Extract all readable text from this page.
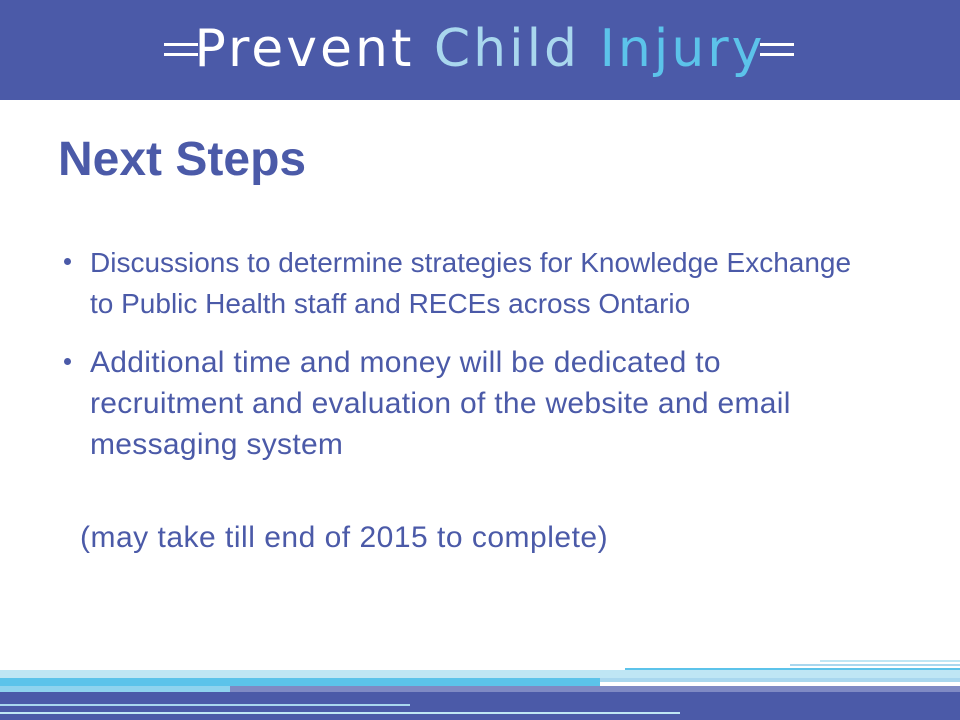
Prevent Child Injury
Next Steps
Discussions to determine strategies for Knowledge Exchange to Public Health staff and RECEs across Ontario
Additional time and money will be dedicated to recruitment and evaluation of the website and email messaging system
(may take till end of 2015 to complete)
